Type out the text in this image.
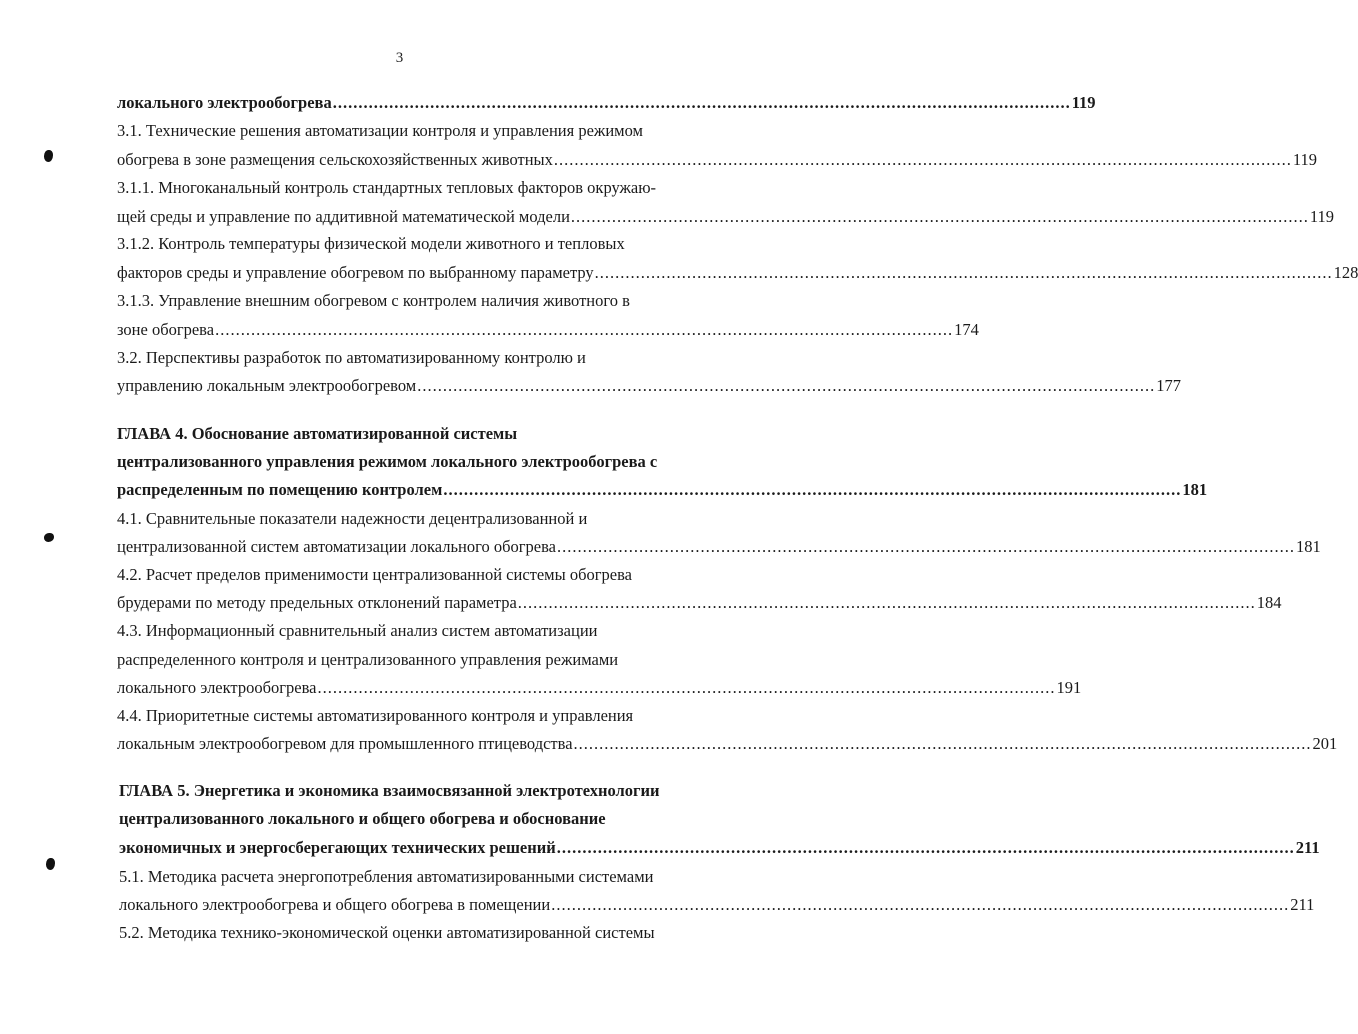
3
локального электрообогрева ................................................................................................................................................ 119
3.1. Технические решения автоматизации контроля и управления режимом
обогрева в зоне размещения сельскохозяйственных животных ................................................................................................................................................ 119
3.1.1. Многоканальный контроль стандартных тепловых факторов окружаю-
щей среды и управление по аддитивной математической модели ................................................................................................................................................ 119
3.1.2. Контроль температуры физической модели животного и тепловых
факторов среды и управление обогревом по выбранному параметру ................................................................................................................................................ 128
3.1.3. Управление внешним обогревом с контролем наличия животного в
зоне обогрева ................................................................................................................................................ 174
3.2. Перспективы разработок по автоматизированному контролю и
управлению локальным электрообогревом ................................................................................................................................................ 177
ГЛАВА 4. Обоснование автоматизированной системы
централизованного управления режимом локального электрообогрева с
распределенным по помещению контролем ................................................................................................................................................ 181
4.1. Сравнительные показатели надежности децентрализованной и
централизованной систем автоматизации локального обогрева ................................................................................................................................................ 181
4.2. Расчет пределов применимости централизованной системы обогрева
брудерами по методу предельных отклонений параметра ................................................................................................................................................ 184
4.3. Информационный сравнительный анализ систем автоматизации
распределенного контроля и централизованного управления режимами
локального электрообогрева ................................................................................................................................................ 191
4.4. Приоритетные системы автоматизированного контроля и управления
локальным электрообогревом для промышленного птицеводства ................................................................................................................................................ 201
ГЛАВА 5. Энергетика и экономика взаимосвязанной электротехнологии
централизованного локального и общего обогрева и обоснование
экономичных и энергосберегающих технических решений ................................................................................................................................................ 211
5.1. Методика расчета энергопотребления автоматизированными системами
локального электрообогрева и общего обогрева в помещении ................................................................................................................................................ 211
5.2. Методика технико-экономической оценки автоматизированной системы
